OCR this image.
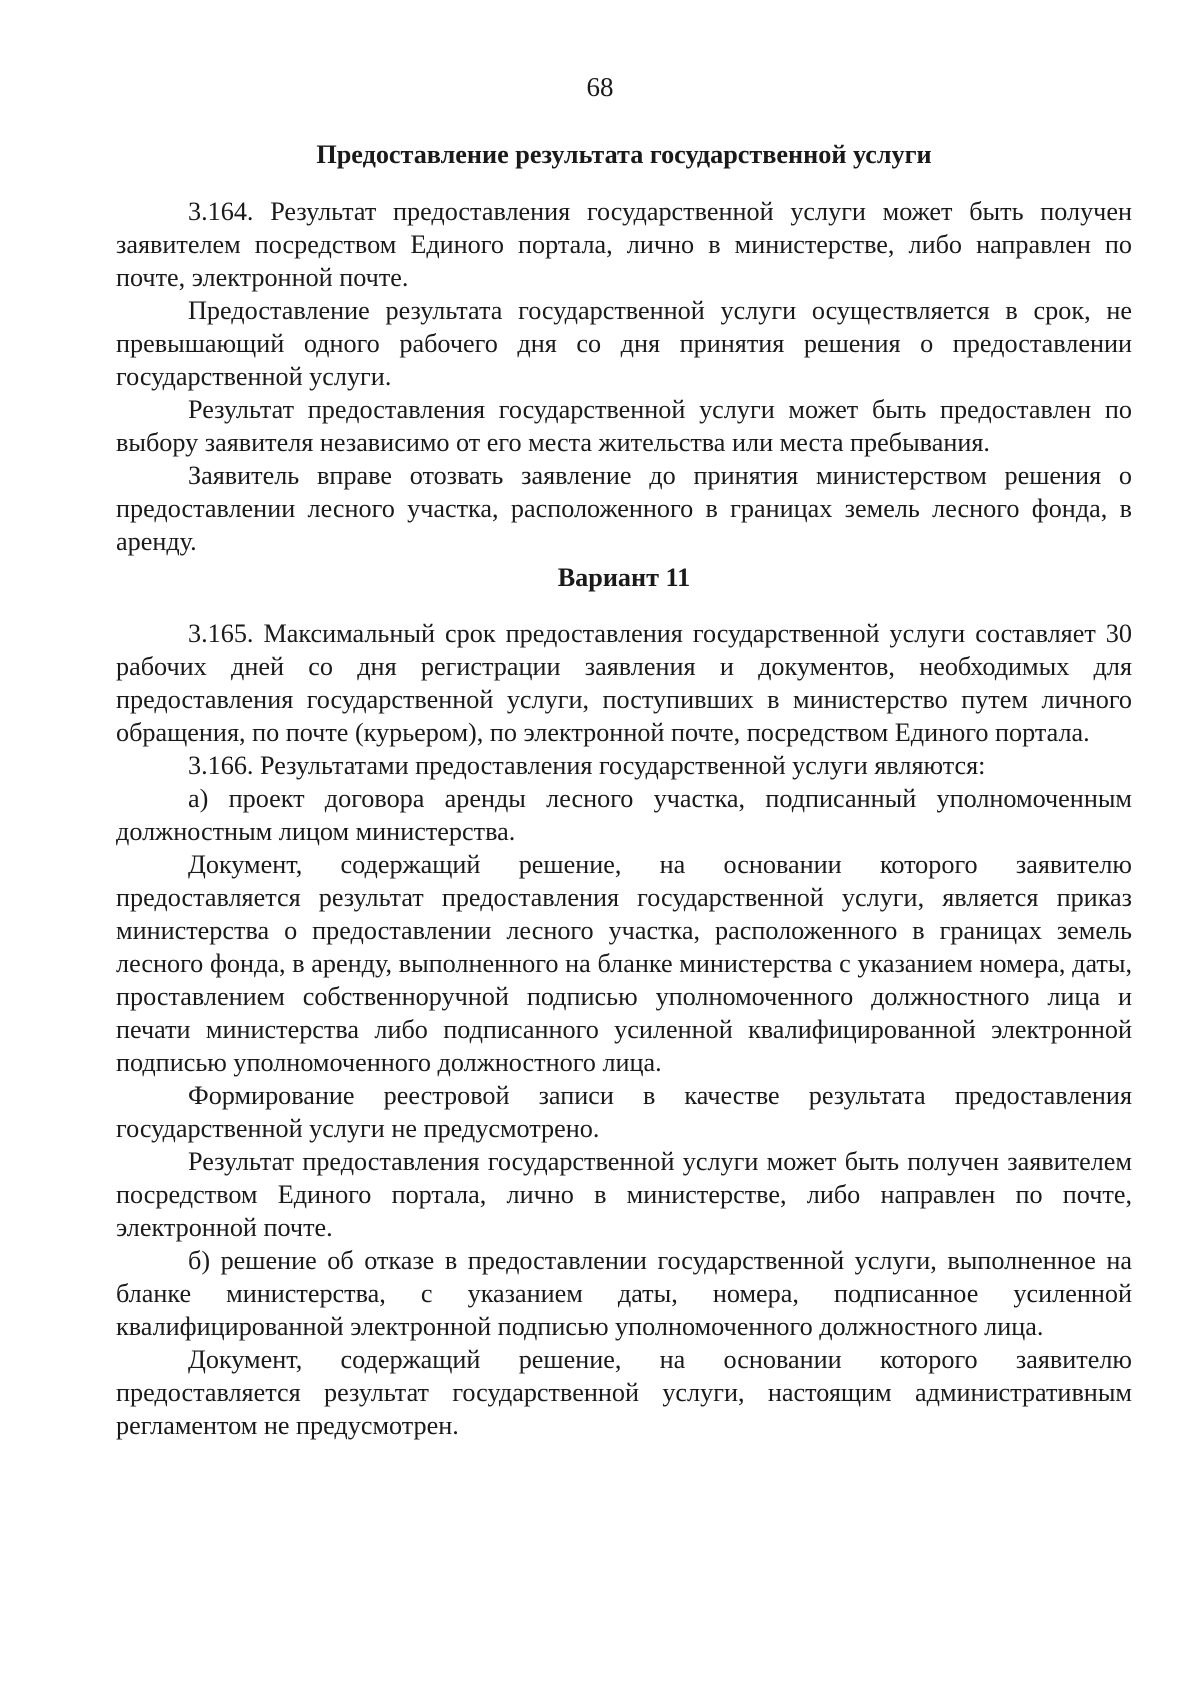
68

Предоставление результата государственной услуги

3.164. Результат предоставления государственной услуги может быть получен заявителем посредством Единого портала, лично в министерстве, либо направлен по почте, электронной почте.

Предоставление результата государственной услуги осуществляется в срок, не превышающий одного рабочего дня со дня принятия решения о предоставлении государственной услуги.

Результат предоставления государственной услуги может быть предоставлен по выбору заявителя независимо от его места жительства или места пребывания.

Заявитель вправе отозвать заявление до принятия министерством решения о предоставлении лесного участка, расположенного в границах земель лесного фонда, в аренду.

Вариант 11

3.165. Максимальный срок предоставления государственной услуги составляет 30 рабочих дней со дня регистрации заявления и документов, необходимых для предоставления государственной услуги, поступивших в министерство путем личного обращения, по почте (курьером), по электронной почте, посредством Единого портала.

3.166. Результатами предоставления государственной услуги являются:

а) проект договора аренды лесного участка, подписанный уполномоченным должностным лицом министерства.

Документ, содержащий решение, на основании которого заявителю предоставляется результат предоставления государственной услуги, является приказ министерства о предоставлении лесного участка, расположенного в границах земель лесного фонда, в аренду, выполненного на бланке министерства с указанием номера, даты, проставлением собственноручной подписью уполномоченного должностного лица и печати министерства либо подписанного усиленной квалифицированной электронной подписью уполномоченного должностного лица.

Формирование реестровой записи в качестве результата предоставления государственной услуги не предусмотрено.

Результат предоставления государственной услуги может быть получен заявителем посредством Единого портала, лично в министерстве, либо направлен по почте, электронной почте.

б) решение об отказе в предоставлении государственной услуги, выполненное на бланке министерства, с указанием даты, номера, подписанное усиленной квалифицированной электронной подписью уполномоченного должностного лица.

Документ, содержащий решение, на основании которого заявителю предоставляется результат государственной услуги, настоящим административным регламентом не предусмотрен.
